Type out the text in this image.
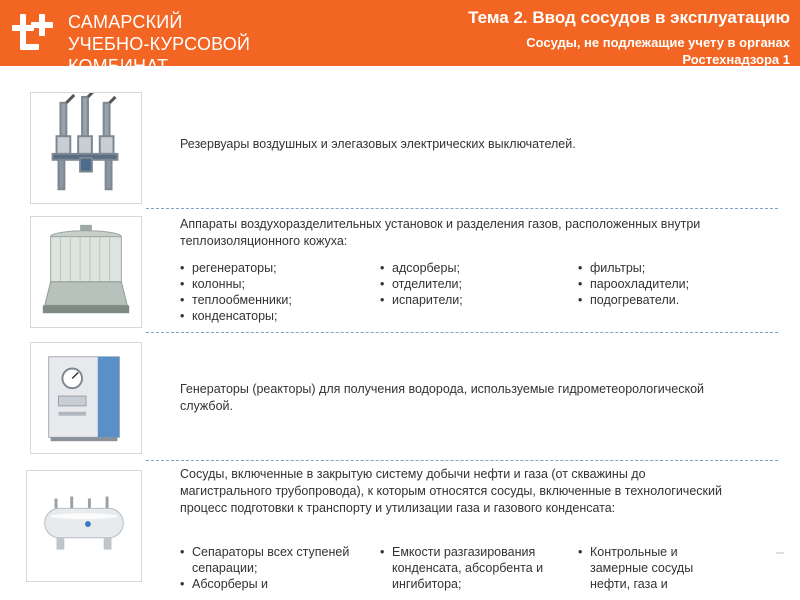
САМАРСКИЙ
УЧЕБНО-КУРСОВОЙ КОМБИНАТ
Тема 2. Ввод сосудов в эксплуатацию
Сосуды, не подлежащие учету в органах Ростехнадзора 1
Резервуары воздушных и элегазовых электрических выключателей.
Аппараты воздухоразделительных установок и разделения газов, расположенных внутри теплоизоляционного кожуха:
• регенераторы;
• колонны;
• теплообменники;
• конденсаторы;
• адсорберы;
• отделители;
• испарители;
• фильтры;
• пароохладители;
• подогреватели.
Генераторы (реакторы) для получения водорода, используемые гидрометеорологической службой.
Сосуды, включенные в закрытую систему добычи нефти и газа (от скважины до магистрального трубопровода), к которым относятся сосуды, включенные в технологический процесс подготовки к транспорту и утилизации газа и газового конденсата:
• Сепараторы всех ступеней сепарации;
• Абсорберы и
• Емкости разгазирования конденсата, абсорбента и ингибитора;
• Контрольные и замерные сосуды нефти, газа и
